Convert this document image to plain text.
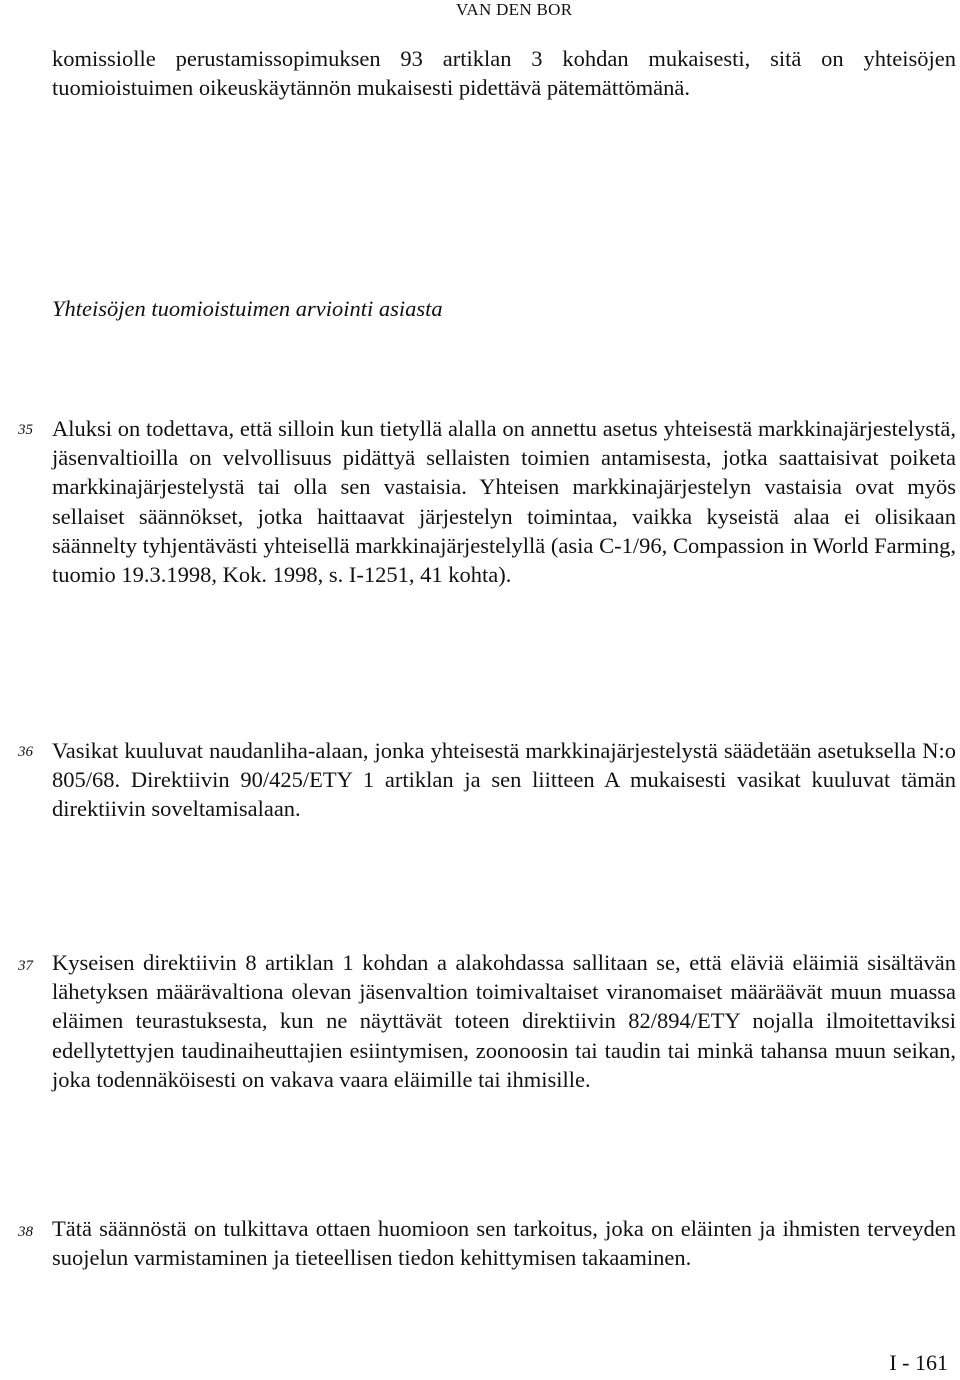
VAN DEN BOR

komissiolle perustamissopimuksen 93 artiklan 3 kohdan mukaisesti, sitä on yhteisöjen tuomioistuimen oikeuskäytännön mukaisesti pidettävä pätemättömänä.

Yhteisöjen tuomioistuimen arviointi asiasta
35 Aluksi on todettava, että silloin kun tietyllä alalla on annettu asetus yhteisestä markkinajärjestelystä, jäsenvaltioilla on velvollisuus pidättyä sellaisten toimien antamisesta, jotka saattaisivat poiketa markkinajärjestelystä tai olla sen vastaisia. Yhteisen markkinajärjestelyn vastaisia ovat myös sellaiset säännökset, jotka haittaavat järjestelyn toimintaa, vaikka kyseistä alaa ei olisikaan säännelty tyhjentävästi yhteisellä markkinajärjestelyllä (asia C-1/96, Compassion in World Farming, tuomio 19.3.1998, Kok. 1998, s. I-1251, 41 kohta).

36 Vasikat kuuluvat naudanliha-alaan, jonka yhteisestä markkinajärjestelystä säädetään asetuksella N:o 805/68. Direktiivin 90/425/ETY 1 artiklan ja sen liitteen A mukaisesti vasikat kuuluvat tämän direktiivin soveltamisalaan.

37 Kyseisen direktiivin 8 artiklan 1 kohdan a alakohdassa sallitaan se, että eläviä eläimiä sisältävän lähetyksen määrävaltiona olevan jäsenvaltion toimivaltaiset viranomaiset määräävät muun muassa eläimen teurastuksesta, kun ne näyttävät toteen direktiivin 82/894/ETY nojalla ilmoitettaviksi edellytettyjen taudinaiheuttajien esiintymisen, zoonoosin tai taudin tai minkä tahansa muun seikan, joka todennäköisesti on vakava vaara eläimille tai ihmisille.

38 Tätä säännöstä on tulkittava ottaen huomioon sen tarkoitus, joka on eläinten ja ihmisten terveyden suojelun varmistaminen ja tieteellisen tiedon kehittymisen takaaminen.

I - 161
